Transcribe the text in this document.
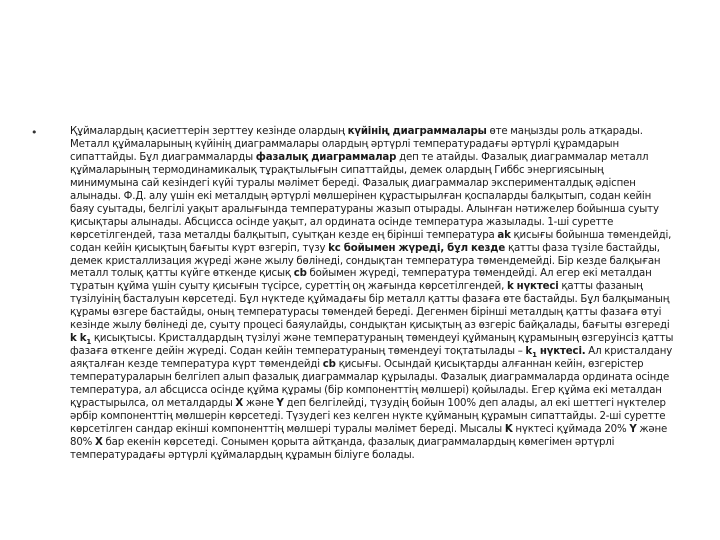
•	Құймалардың қасиеттерін зерттеу кезінде олардың күйінің диаграммалары өте маңызды роль атқарады. Металл құймаларының күйінің диаграммалары олардың әртүрлі температурадағы әртүрлі құрамдарын сипаттайды. Бұл диаграммаларды фазалық диаграммалар деп те атайды. Фазалық диаграммалар металл құймаларының термодинамикалық тұрақтылығын сипаттайды, демек олардың Гиббс энергиясының минимумына сай кезіндегі күйі туралы мәлімет береді. Фазалық диаграммалар эксперименталдық әдіспен алынады. Ф.Д. алу үшін екі металдың әртүрлі мөлшерінен құрастырылған қоспаларды балқытып, содан кейін баяу суытады, белгілі уақыт аралығында температураны жазып отырады. Алынған нәтижелер бойынша суыту қисықтары алынады. Абсцисса осінде уақыт, ал ордината осінде температура жазылады. 1-ші суретте көрсетілгендей, таза металды балқытып, суытқан кезде ең бірінші температура ak қисығы бойынша төмендейді, содан кейін қисықтың бағыты күрт өзгеріп, түзу kc бойымен жүреді, бұл кезде қатты фаза түзіле бастайды, демек кристаллизация жүреді және жылу бөлінеді, сондықтан температура төмендемейді. Бір кезде балқыған металл толық қатты күйге өткенде қисық cb бойымен жүреді, температура төмендейді. Ал егер екі металдан тұратын құйма үшін суыту қисығын түсірсе, суреттің оң жағында көрсетілгендей, k нүктесі қатты фазаның түзілуінің басталуын көрсетеді. Бұл нүктеде құймадағы бір металл қатты фазаға өте бастайды. Бұл балқыманың құрамы өзгере бастайды, оның температурасы төмендей береді. Дегенмен бірінші металдың қатты фазаға өтуі кезінде жылу бөлінеді де, суыту процесі баяулайды, сондықтан қисықтың аз өзгеріс байқалады, бағыты өзгереді k $k_1$ қисықтысы. Кристалдардың түзілуі және температураның төмендеуі құйманың құрамының өзгеруінсіз қатты фазаға өткенге дейін жүреді. Содан кейін температураның төмендеуі тоқтатылады – $k_1$ нүктесі. Ал кристалдану аяқталған кезде температура күрт төмендейді cb қисығы. Осындай қисықтарды алғаннан кейін, өзгерістер температураларын белгілеп алып фазалық диаграммалар құрылады. Фазалық диаграммаларда ордината осінде температура, ал абсцисса осінде құйма құрамы (бір компоненттің мөлшері) қойылады. Егер құйма екі металдан құрастырылса, ол металдарды X және Y деп белгілейді, түзудің бойын 100% деп алады, ал екі шеттегі нүктелер әрбір компоненттің мөлшерін көрсетеді. Түзудегі кез келген нүкте құйманың құрамын сипаттайды. 2-ші суретте көрсетілген сандар екінші компоненттің мөлшері туралы мәлімет береді. Мысалы K нүктесі құймада 20% Y және 80% X бар екенін көрсетеді. Сонымен қорыта айтқанда, фазалық диаграммалардың көмегімен әртүрлі температурадағы әртүрлі құймалардың құрамын біліуге болады.
